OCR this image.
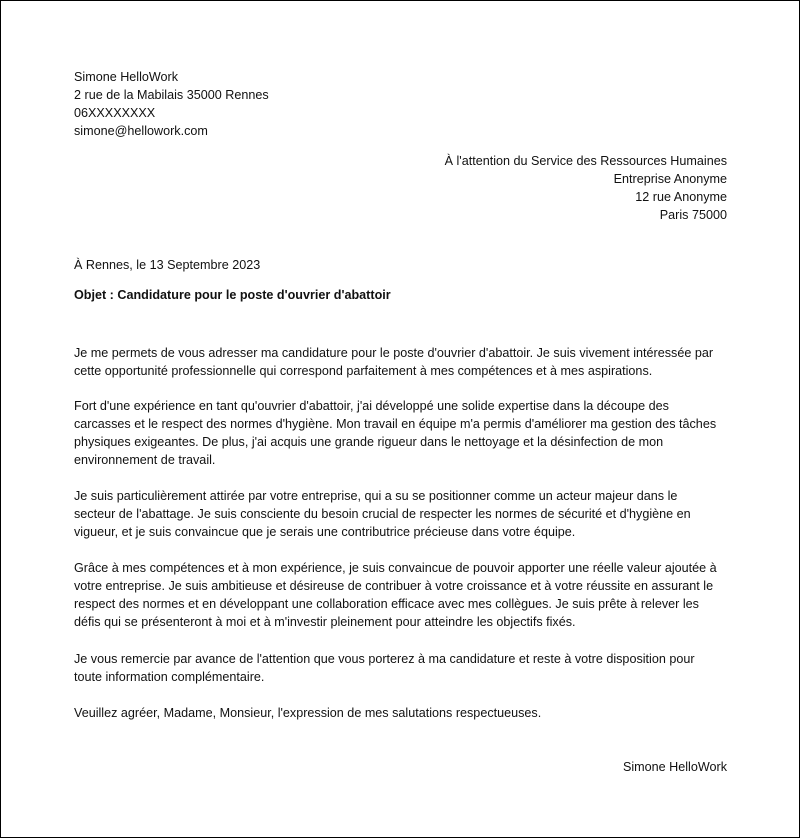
Simone HelloWork

2 rue de la Mabilais 35000 Rennes

06XXXXXXXX

simone@hellowork.com

À l'attention du Service des Ressources Humaines

Entreprise Anonyme

12 rue Anonyme

Paris 75000

À Rennes, le 13 Septembre 2023

Objet : Candidature pour le poste d'ouvrier d'abattoir

Je me permets de vous adresser ma candidature pour le poste d'ouvrier d'abattoir. Je suis vivement intéressée par
cette opportunité professionnelle qui correspond parfaitement à mes compétences et à mes aspirations.
Fort d'une expérience en tant qu'ouvrier d'abattoir, j'ai développé une solide expertise dans la découpe des
carcasses et le respect des normes d'hygiène. Mon travail en équipe m'a permis d'améliorer ma gestion des tâches
physiques exigeantes. De plus, j'ai acquis une grande rigueur dans le nettoyage et la désinfection de mon
environnement de travail.
Je suis particulièrement attirée par votre entreprise, qui a su se positionner comme un acteur majeur dans le
secteur de l'abattage. Je suis consciente du besoin crucial de respecter les normes de sécurité et d'hygiène en
vigueur, et je suis convaincue que je serais une contributrice précieuse dans votre équipe.
Grâce à mes compétences et à mon expérience, je suis convaincue de pouvoir apporter une réelle valeur ajoutée à
votre entreprise. Je suis ambitieuse et désireuse de contribuer à votre croissance et à votre réussite en assurant le
respect des normes et en développant une collaboration efficace avec mes collègues. Je suis prête à relever les
défis qui se présenteront à moi et à m'investir pleinement pour atteindre les objectifs fixés.
Je vous remercie par avance de l'attention que vous porterez à ma candidature et reste à votre disposition pour
toute information complémentaire.
Veuillez agréer, Madame, Monsieur, l'expression de mes salutations respectueuses.

Simone HelloWork
